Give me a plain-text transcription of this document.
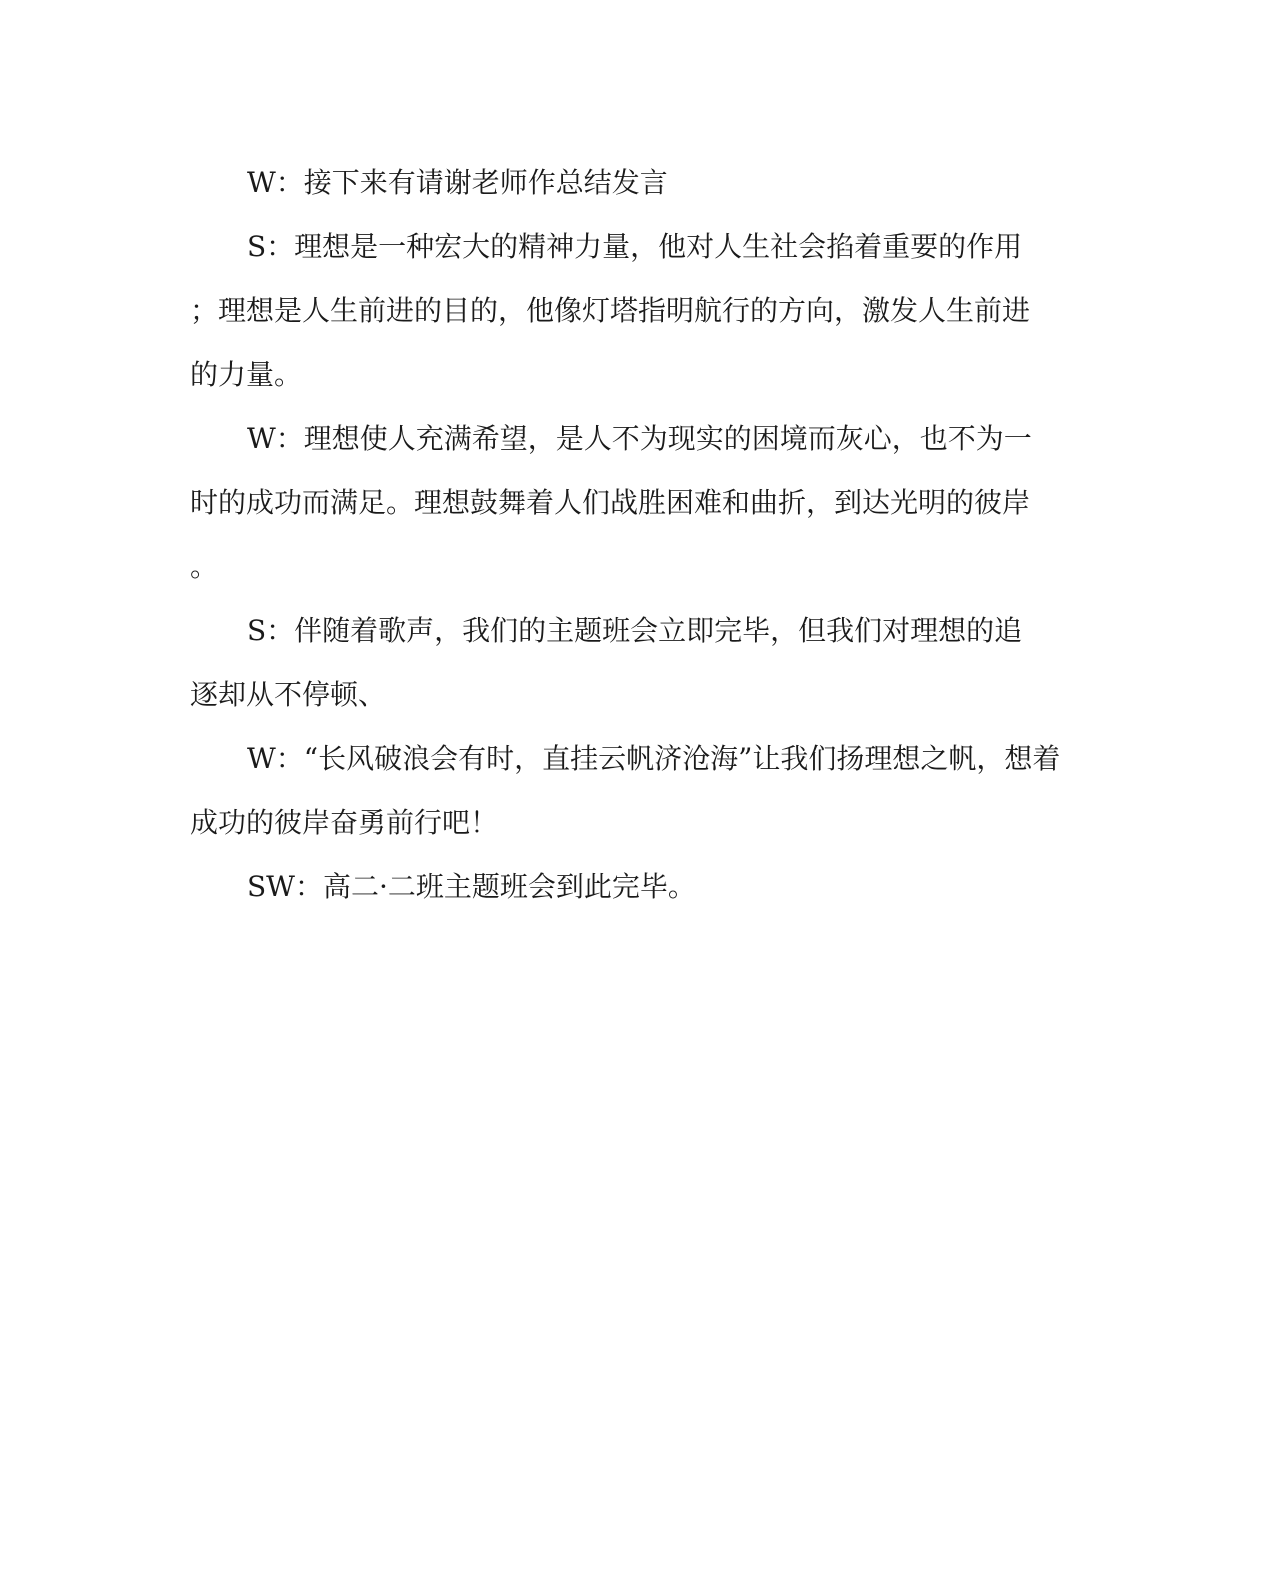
W：接下来有请谢老师作总结发言
S：理想是一种宏大的精神力量，他对人生社会掐着重要的作用
；理想是人生前进的目的，他像灯塔指明航行的方向，激发人生前进
的力量。
W：理想使人充满希望，是人不为现实的困境而灰心，也不为一
时的成功而满足。理想鼓舞着人们战胜困难和曲折，到达光明的彼岸
。
S：伴随着歌声，我们的主题班会立即完毕，但我们对理想的追
逐却从不停顿、
W：“长风破浪会有时，直挂云帆济沧海”让我们扬理想之帆，想着
成功的彼岸奋勇前行吧！
SW：高二·二班主题班会到此完毕。
